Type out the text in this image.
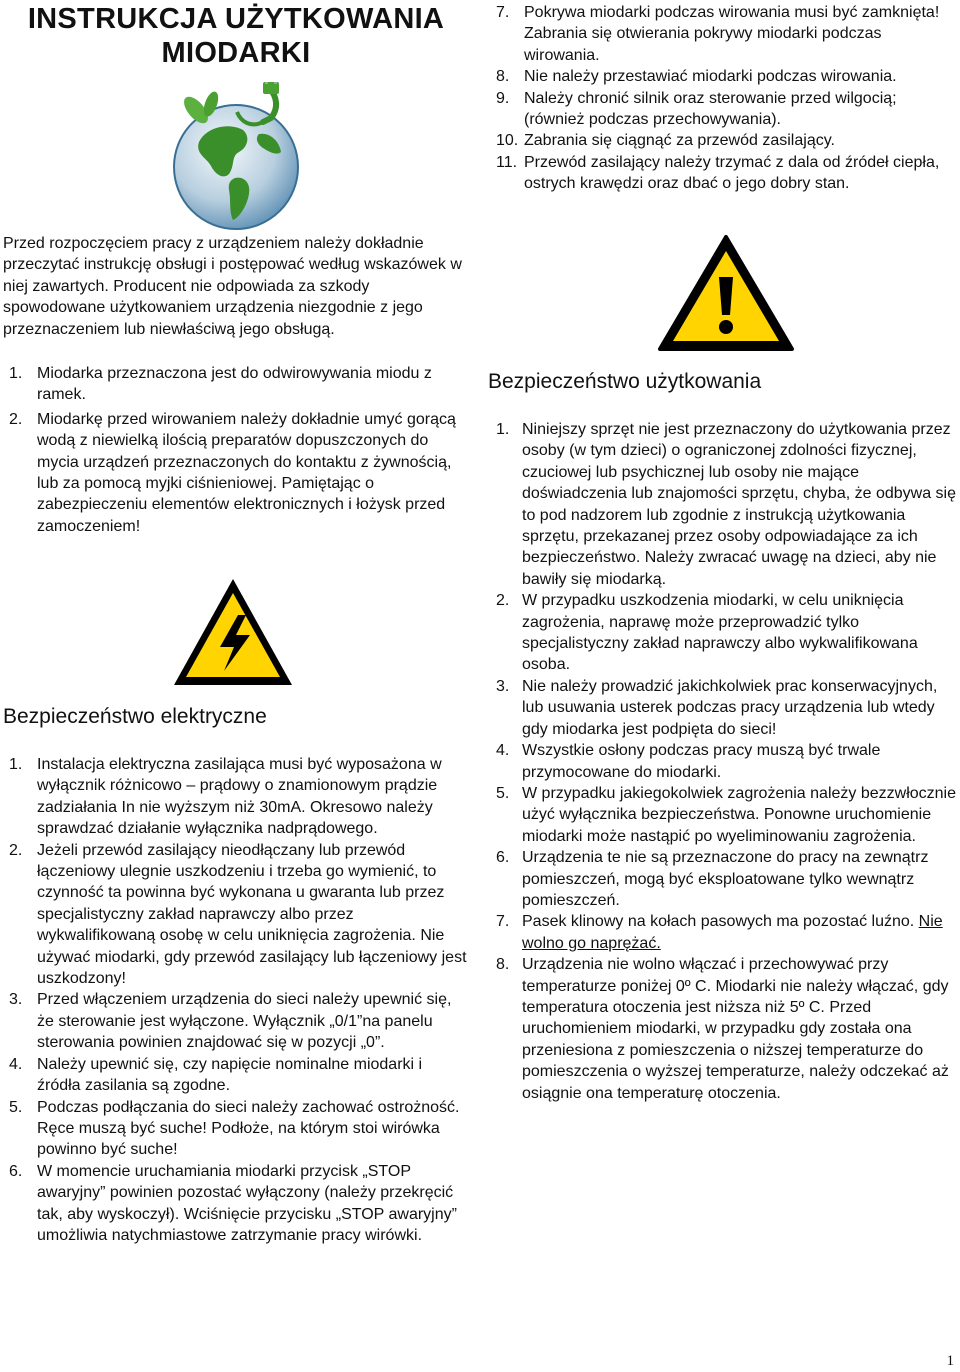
INSTRUKCJA UŻYTKOWANIA
MIODARKI

Przed rozpoczęciem pracy z urządzeniem należy dokładnie przeczytać instrukcję obsługi i postępować według wskazówek w niej zawartych. Producent nie odpowiada za szkody spowodowane użytkowaniem urządzenia niezgodnie z jego przeznaczeniem lub niewłaściwą jego obsługą.

1. Miodarka przeznaczona jest do odwirowywania miodu z ramek.
2. Miodarkę przed wirowaniem należy dokładnie umyć gorącą wodą z niewielką ilością preparatów dopuszczonych do mycia urządzeń przeznaczonych do kontaktu z żywnością, lub za pomocą myjki ciśnieniowej. Pamiętając o zabezpieczeniu elementów elektronicznych i łożysk przed zamoczeniem!
Bezpieczeństwo elektryczne
1. Instalacja elektryczna zasilająca musi być wyposażona w wyłącznik różnicowo – prądowy o znamionowym prądzie zadziałania In nie wyższym niż 30mA. Okresowo należy sprawdzać działanie wyłącznika nadprądowego.
2. Jeżeli przewód zasilający nieodłączany lub przewód łączeniowy ulegnie uszkodzeniu i trzeba go wymienić, to czynność ta powinna być wykonana u gwaranta lub przez specjalistyczny zakład naprawczy albo przez wykwalifikowaną osobę w celu uniknięcia zagrożenia. Nie używać miodarki, gdy przewód zasilający lub łączeniowy jest uszkodzony!
3. Przed włączeniem urządzenia do sieci należy upewnić się, że sterowanie jest wyłączone. Wyłącznik „0/1”na panelu sterowania powinien znajdować się w pozycji „0”.
4. Należy upewnić się, czy napięcie nominalne miodarki i źródła zasilania są zgodne.
5. Podczas podłączania do sieci należy zachować ostrożność. Ręce muszą być suche! Podłoże, na którym stoi wirówka powinno być suche!
6. W momencie uruchamiania miodarki przycisk „STOP awaryjny” powinien pozostać wyłączony (należy przekręcić tak, aby wyskoczył). Wciśnięcie przycisku „STOP awaryjny” umożliwia natychmiastowe zatrzymanie pracy wirówki.
7. Pokrywa miodarki podczas wirowania musi być zamknięta! Zabrania się otwierania pokrywy miodarki podczas wirowania.
8. Nie należy przestawiać miodarki podczas wirowania.
9. Należy chronić silnik oraz sterowanie przed wilgocią; (również podczas przechowywania).
10. Zabrania się ciągnąć za przewód zasilający.
11. Przewód zasilający należy trzymać z dala od źródeł ciepła, ostrych krawędzi oraz dbać o jego dobry stan.
Bezpieczeństwo użytkowania
1. Niniejszy sprzęt nie jest przeznaczony do użytkowania przez osoby (w tym dzieci) o ograniczonej zdolności fizycznej, czuciowej lub psychicznej lub osoby nie mające doświadczenia lub znajomości sprzętu, chyba, że odbywa się to pod nadzorem lub zgodnie z instrukcją użytkowania sprzętu, przekazanej przez osoby odpowiadające za ich bezpieczeństwo. Należy zwracać uwagę na dzieci, aby nie bawiły się miodarką.
2. W przypadku uszkodzenia miodarki, w celu uniknięcia zagrożenia, naprawę może przeprowadzić tylko specjalistyczny zakład naprawczy albo wykwalifikowana osoba.
3. Nie należy prowadzić jakichkolwiek prac konserwacyjnych, lub usuwania usterek podczas pracy urządzenia lub wtedy gdy miodarka jest podpięta do sieci!
4. Wszystkie osłony podczas pracy muszą być trwale przymocowane do miodarki.
5. W przypadku jakiegokolwiek zagrożenia należy bezzwłocznie użyć wyłącznika bezpieczeństwa. Ponowne uruchomienie miodarki może nastąpić po wyeliminowaniu zagrożenia.
6. Urządzenia te nie są przeznaczone do pracy na zewnątrz pomieszczeń, mogą być eksploatowane tylko wewnątrz pomieszczeń.
7. Pasek klinowy na kołach pasowych ma pozostać luźno. Nie wolno go naprężać.
8. Urządzenia nie wolno włączać i przechowywać przy temperaturze poniżej 0º C. Miodarki nie należy włączać, gdy temperatura otoczenia jest niższa niż 5º C. Przed uruchomieniem miodarki, w przypadku gdy została ona przeniesiona z pomieszczenia o niższej temperaturze do pomieszczenia o wyższej temperaturze, należy odczekać aż osiągnie ona temperaturę otoczenia.
1
